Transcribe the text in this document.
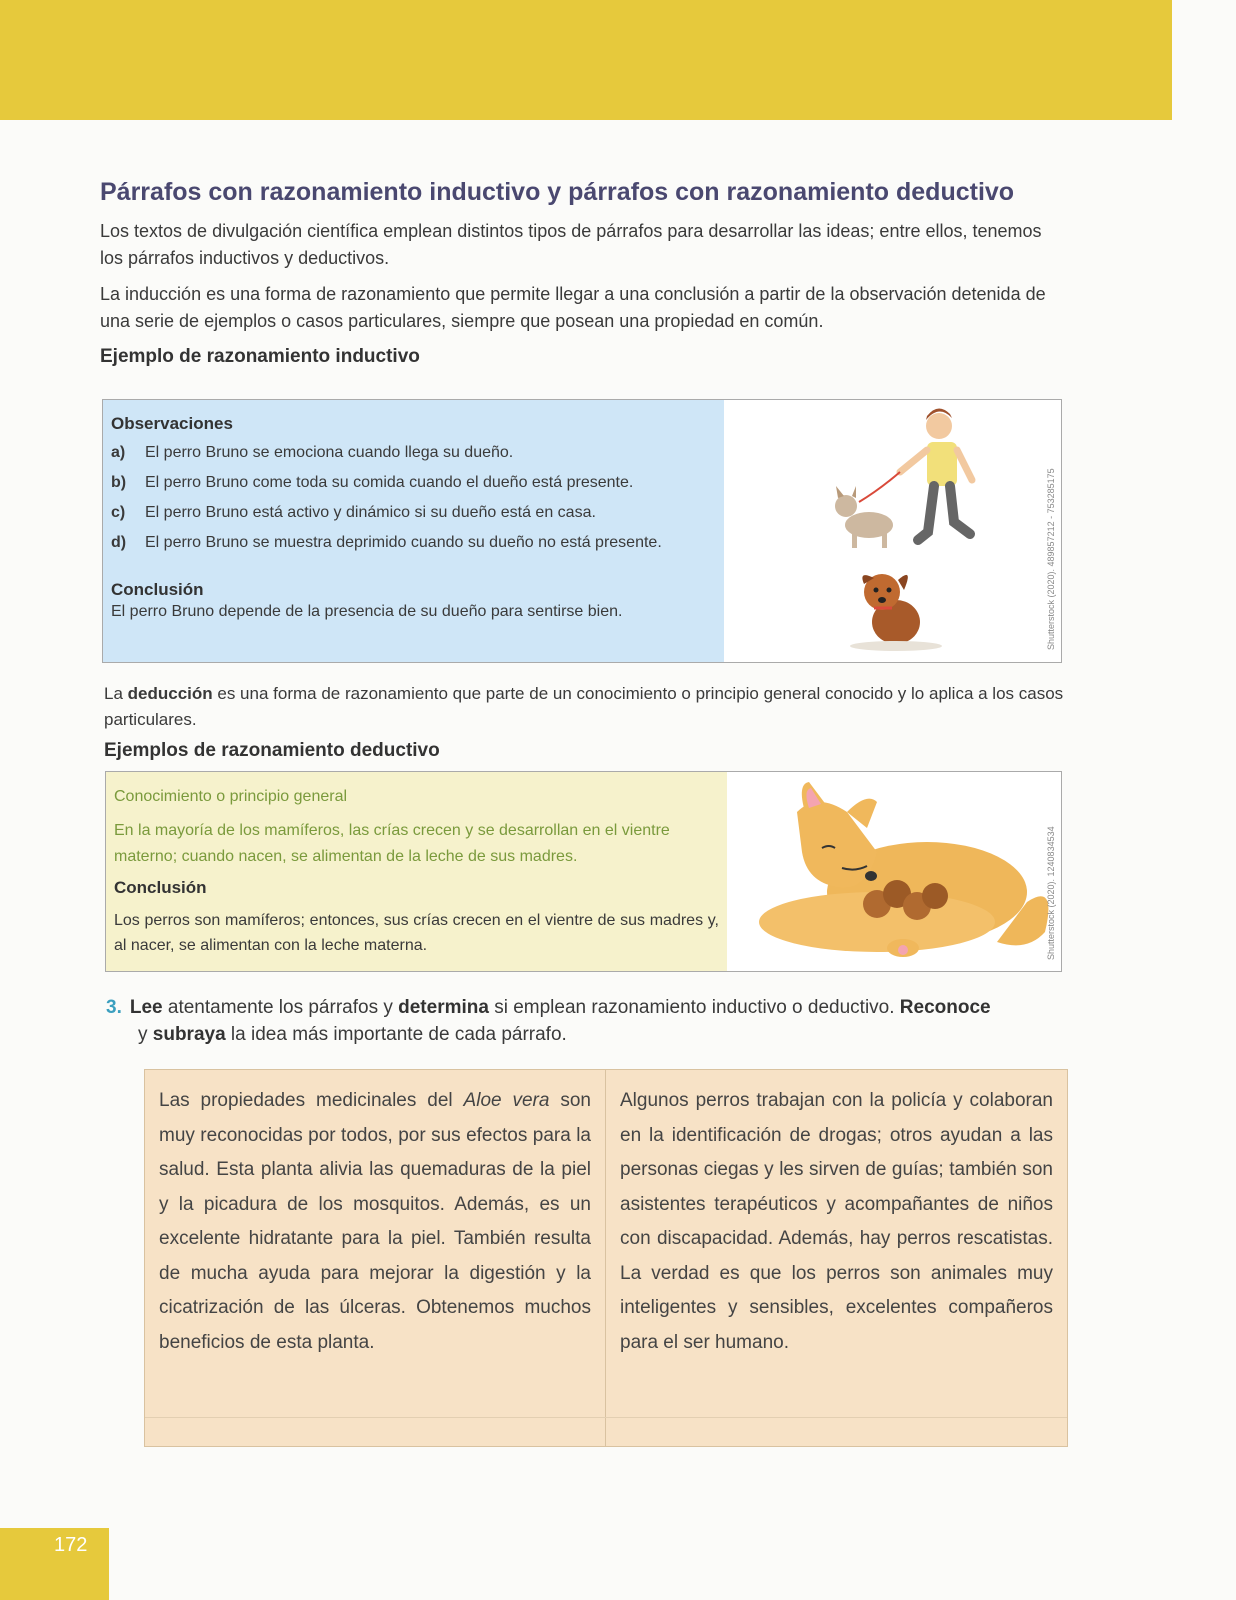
Párrafos con razonamiento inductivo y párrafos con razonamiento deductivo

Los textos de divulgación científica emplean distintos tipos de párrafos para desarrollar las ideas; entre ellos, tenemos los párrafos inductivos y deductivos.

La inducción es una forma de razonamiento que permite llegar a una conclusión a partir de la observación detenida de una serie de ejemplos o casos particulares, siempre que posean una propiedad en común.

Ejemplo de razonamiento inductivo
Observaciones
a)	El perro Bruno se emociona cuando llega su dueño.
b)	El perro Bruno come toda su comida cuando el dueño está presente.
c)	El perro Bruno está activo y dinámico si su dueño está en casa.
d)	El perro Bruno se muestra deprimido cuando su dueño no está presente.
Conclusión
El perro Bruno depende de la presencia de su dueño para sentirse bien.	Shutterstock (2020). 489857212 - 753285175

La deducción es una forma de razonamiento que parte de un conocimiento o principio general conocido y lo aplica a los casos particulares.

Ejemplos de razonamiento deductivo
Conocimiento o principio general
En la mayoría de los mamíferos, las crías crecen y se desarrollan en el vientre materno; cuando nacen, se alimentan de la leche de sus madres.
Conclusión
Los perros son mamíferos; entonces, sus crías crecen en el vientre de sus madres y, al nacer, se alimentan con la leche materna.	Shutterstock (2020). 1240834534

3. Lee atentamente los párrafos y determina si emplean razonamiento inductivo o deductivo. Reconoce
y subraya la idea más importante de cada párrafo.

Las propiedades medicinales del Aloe vera son muy reconocidas por todos, por sus efectos para la salud. Esta planta alivia las quemaduras de la piel y la picadura de los mosquitos. Además, es un excelente hidratante para la piel. También resulta de mucha ayuda para mejorar la digestión y la cicatrización de las úlceras. Obtenemos muchos beneficios de esta planta.
Algunos perros trabajan con la policía y colaboran en la identificación de drogas; otros ayudan a las personas ciegas y les sirven de guías; también son asistentes terapéuticos y acompañantes de niños con discapacidad. Además, hay perros rescatistas. La verdad es que los perros son animales muy inteligentes y sensibles, excelentes compañeros para el ser humano.
172
